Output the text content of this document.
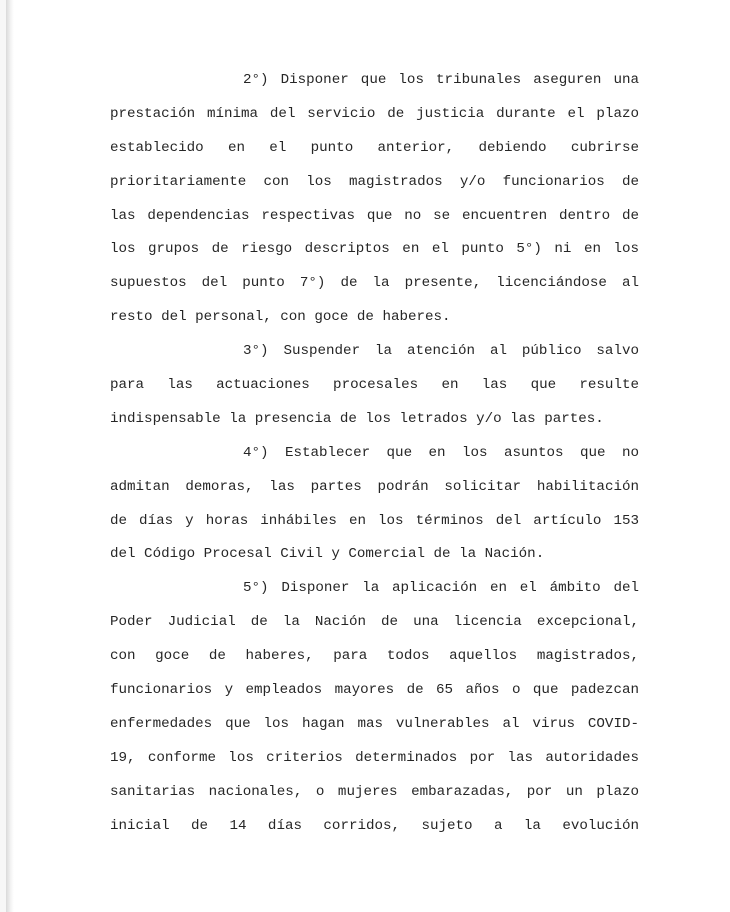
2°) Disponer que los tribunales aseguren una
prestación mínima del servicio de justicia durante el plazo
establecido en el punto anterior, debiendo cubrirse
prioritariamente con los magistrados y/o funcionarios de
las dependencias respectivas que no se encuentren dentro de
los grupos de riesgo descriptos en el punto 5°) ni en los
supuestos del punto 7°) de la presente, licenciándose al
resto del personal, con goce de haberes.
3°) Suspender la atención al público salvo
para las actuaciones procesales en las que resulte
indispensable la presencia de los letrados y/o las partes.
4°) Establecer que en los asuntos que no
admitan demoras, las partes podrán solicitar habilitación
de días y horas inhábiles en los términos del artículo 153
del Código Procesal Civil y Comercial de la Nación.
5°) Disponer la aplicación en el ámbito del
Poder Judicial de la Nación de una licencia excepcional,
con goce de haberes, para todos aquellos magistrados,
funcionarios y empleados mayores de 65 años o que padezcan
enfermedades que los hagan mas vulnerables al virus COVID-
19, conforme los criterios determinados por las autoridades
sanitarias nacionales, o mujeres embarazadas, por un plazo
inicial de 14 días corridos, sujeto a la evolución
